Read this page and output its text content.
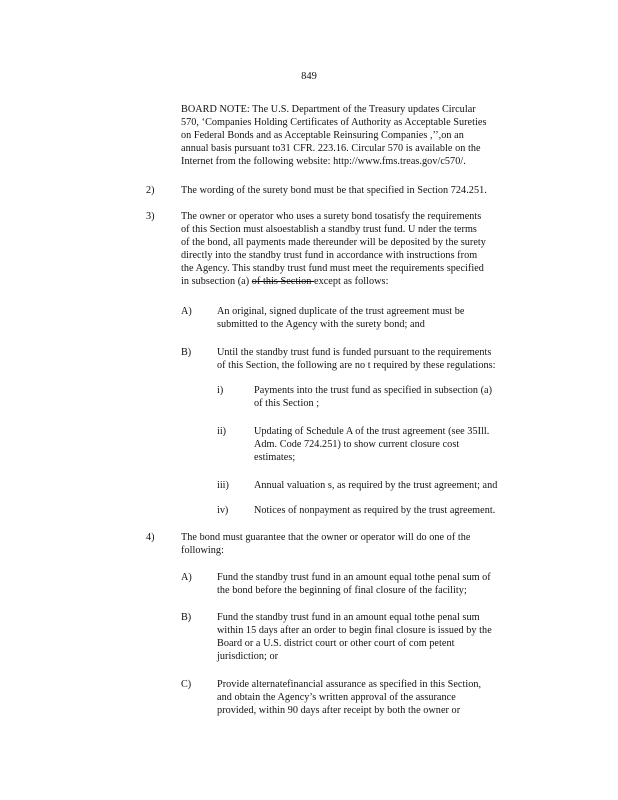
849
BOARD NOTE: The U.S. Department of the Treasury updates Circular
570, ‘Companies Holding Certificates of Authority as Acceptable Sureties
on Federal Bonds and as Acceptable Reinsuring Companies ,’’,on an
annual basis pursuant to31 CFR. 223.16. Circular 570 is available on the
Internet from the following website: http://www.fms.treas.gov/c570/.
2)	The wording of the surety bond must be that specified in Section 724.251.
3)	The owner or operator who uses a surety bond tosatisfy the requirements
of this Section must alsoestablish a standby trust fund. U nder the terms
of the bond, all payments made thereunder will be deposited by the surety
directly into the standby trust fund in accordance with instructions from
the Agency. This standby trust fund must meet the requirements specified
in subsection (a) of this Section except as follows:
A) An original, signed duplicate of the trust agreement must be
submitted to the Agency with the surety bond; and
B)	Until the standby trust fund is funded pursuant to the requirements
of this Section, the following are no t required by these regulations:
i)	Payments into the trust fund as specified in subsection (a)
of this Section ;
ii)	Updating of Schedule A of the trust agreement (see 35Ill.
Adm. Code 724.251) to show current closure cost
estimates;
iii) Annual valuation s, as required by the trust agreement; and
iv)	Notices of nonpayment as required by the trust agreement.
4)	The bond must guarantee that the owner or operator will do one of the
following:
A) Fund the standby trust fund in an amount equal tothe penal sum of
the bond before the beginning of final closure of the facility;
B)	Fund the standby trust fund in an amount equal tothe penal sum
within 15 days after an order to begin final closure is issued by the
Board or a U.S. district court or other court of com petent
jurisdiction; or
C)	Provide alternatefinancial assurance as specified in this Section,
and obtain the Agency’s written approval of the assurance
provided, within 90 days after receipt by both the owner or
